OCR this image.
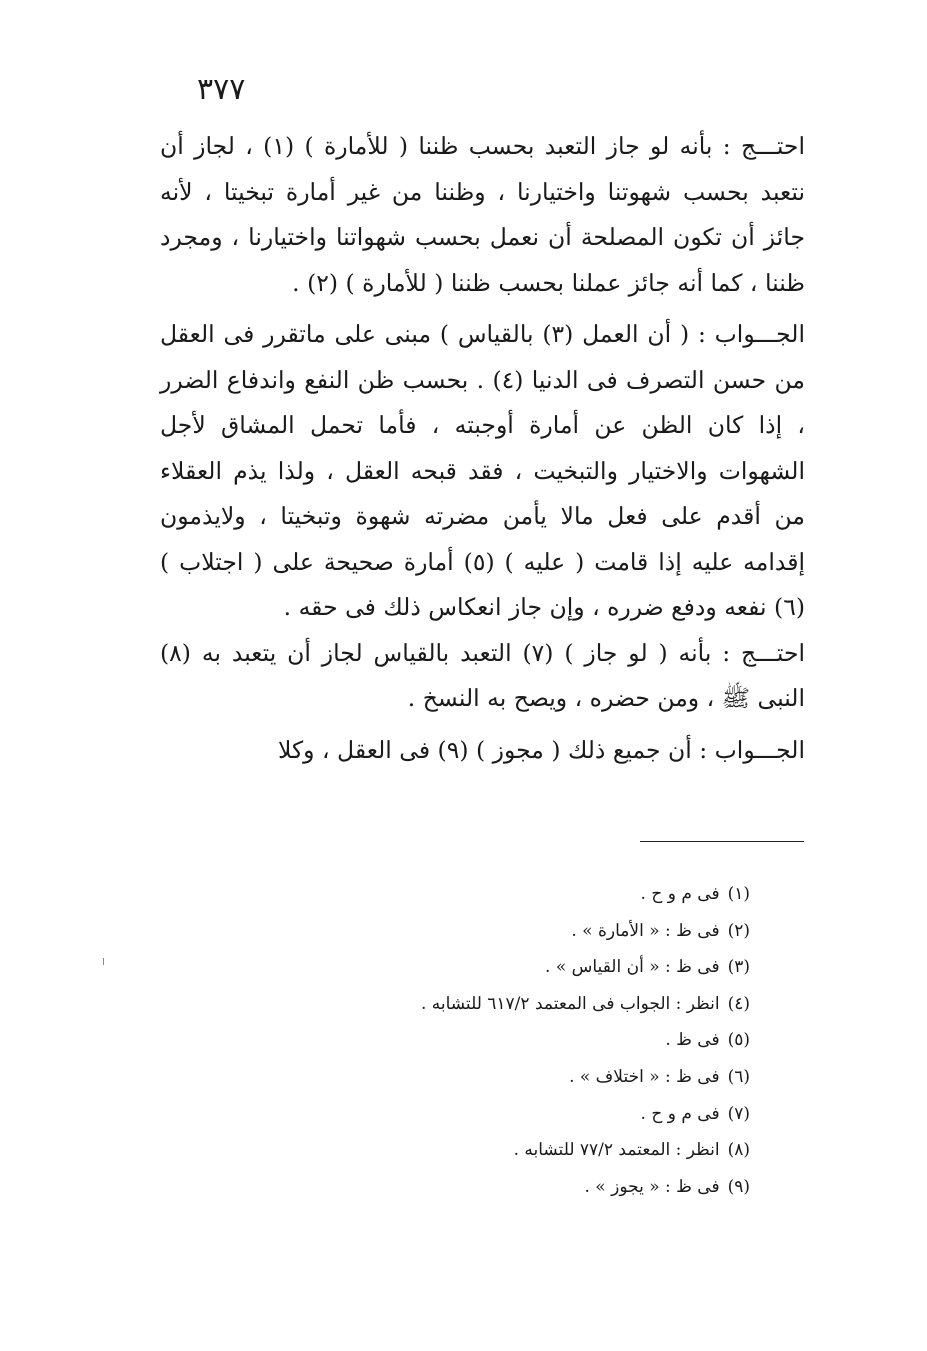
٣٧٧

احتـــج : بأنه لو جاز التعبد بحسب ظننا ( للأمارة ) (١) ، لجاز أن نتعبد بحسب شهوتنا واختيارنا ، وظننا من غير أمارة تبخيتا ، لأنه جائز أن تكون المصلحة أن نعمل بحسب شهواتنا واختيارنا ، ومجرد ظننا ، كما أنه جائز عملنا بحسب ظننا ( للأمارة ) (٢) .

الجـــواب : ( أن العمل (٣) بالقياس ) مبنى على ماتقرر فى العقل من حسن التصرف فى الدنيا (٤) . بحسب ظن النفع واندفاع الضرر ، إذا كان الظن عن أمارة أوجبته ، فأما تحمل المشاق لأجل الشهوات والاختيار والتبخيت ، فقد قبحه العقل ، ولذا يذم العقلاء من أقدم على فعل مالا يأمن مضرته شهوة وتبخيتا ، ولايذمون إقدامه عليه إذا قامت ( عليه ) (٥) أمارة صحيحة على ( اجتلاب ) (٦) نفعه ودفع ضرره ، وإن جاز انعكاس ذلك فى حقه .

احتـــج : بأنه ( لو جاز ) (٧) التعبد بالقياس لجاز أن يتعبد به (٨) النبى ﷺ ، ومن حضره ، ويصح به النسخ .

الجـــواب : أن جميع ذلك ( مجوز ) (٩) فى العقل ، وكلا

(١)فى م و ح .
(٢)فى ظ : « الأمارة » .
(٣)فى ظ : « أن القياس » .
(٤)انظر : الجواب فى المعتمد ٦١٧/٢ للتشابه .
(٥)فى ظ .
(٦)فى ظ : « اختلاف » .
(٧)فى م و ح .
(٨)انظر : المعتمد ٧٧/٢ للتشابه .
(٩)فى ظ : « يجوز » .
